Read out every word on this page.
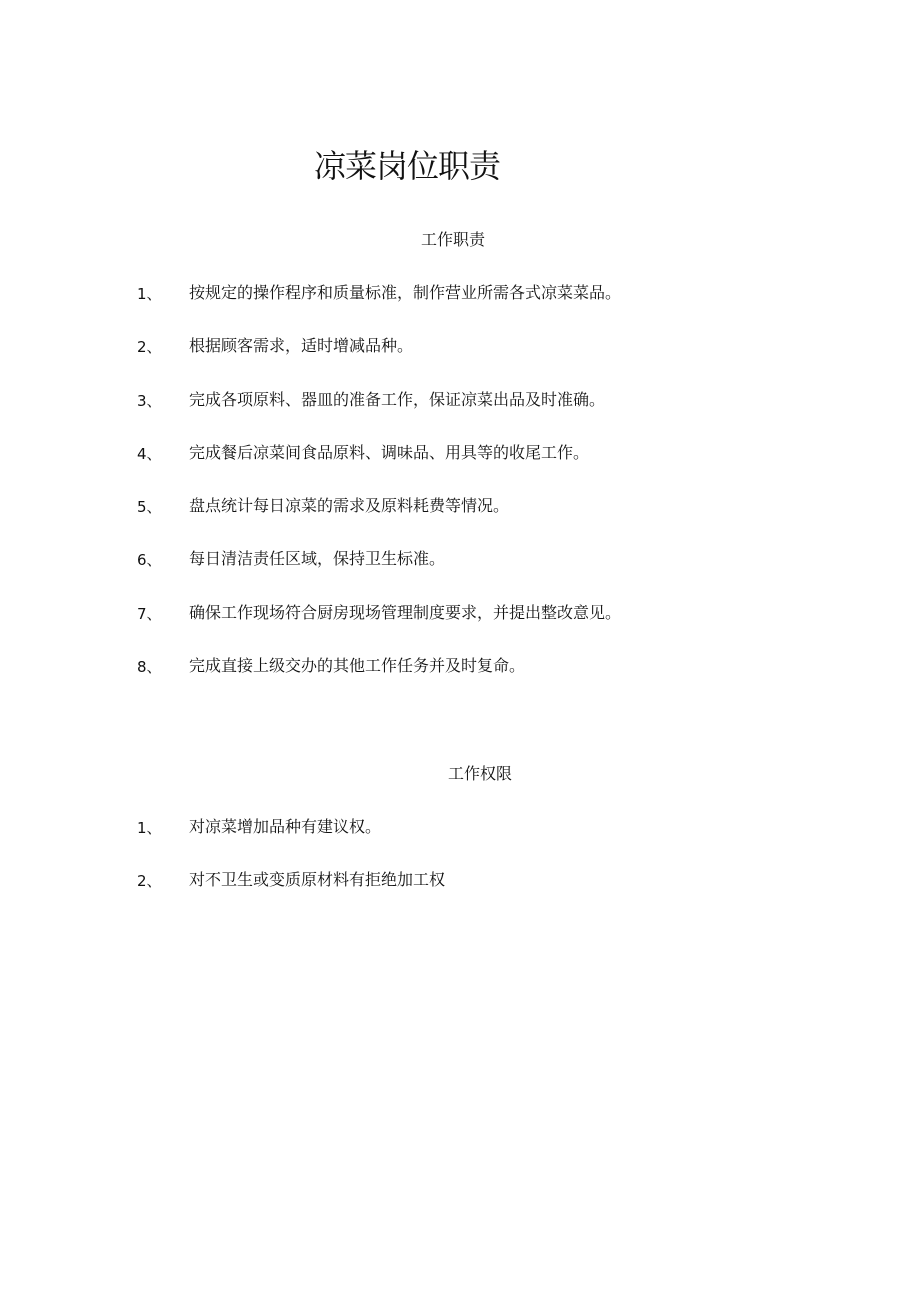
凉菜岗位职责
工作职责
1、 按规定的操作程序和质量标准，制作营业所需各式凉菜菜品。
2、 根据顾客需求，适时增减品种。
3、 完成各项原料、器皿的准备工作，保证凉菜出品及时准确。
4、 完成餐后凉菜间食品原料、调味品、用具等的收尾工作。
5、 盘点统计每日凉菜的需求及原料耗费等情况。
6、 每日清洁责任区域，保持卫生标准。
7、 确保工作现场符合厨房现场管理制度要求，并提出整改意见。
8、 完成直接上级交办的其他工作任务并及时复命。
工作权限
1、 对凉菜增加品种有建议权。
2、 对不卫生或变质原材料有拒绝加工权
